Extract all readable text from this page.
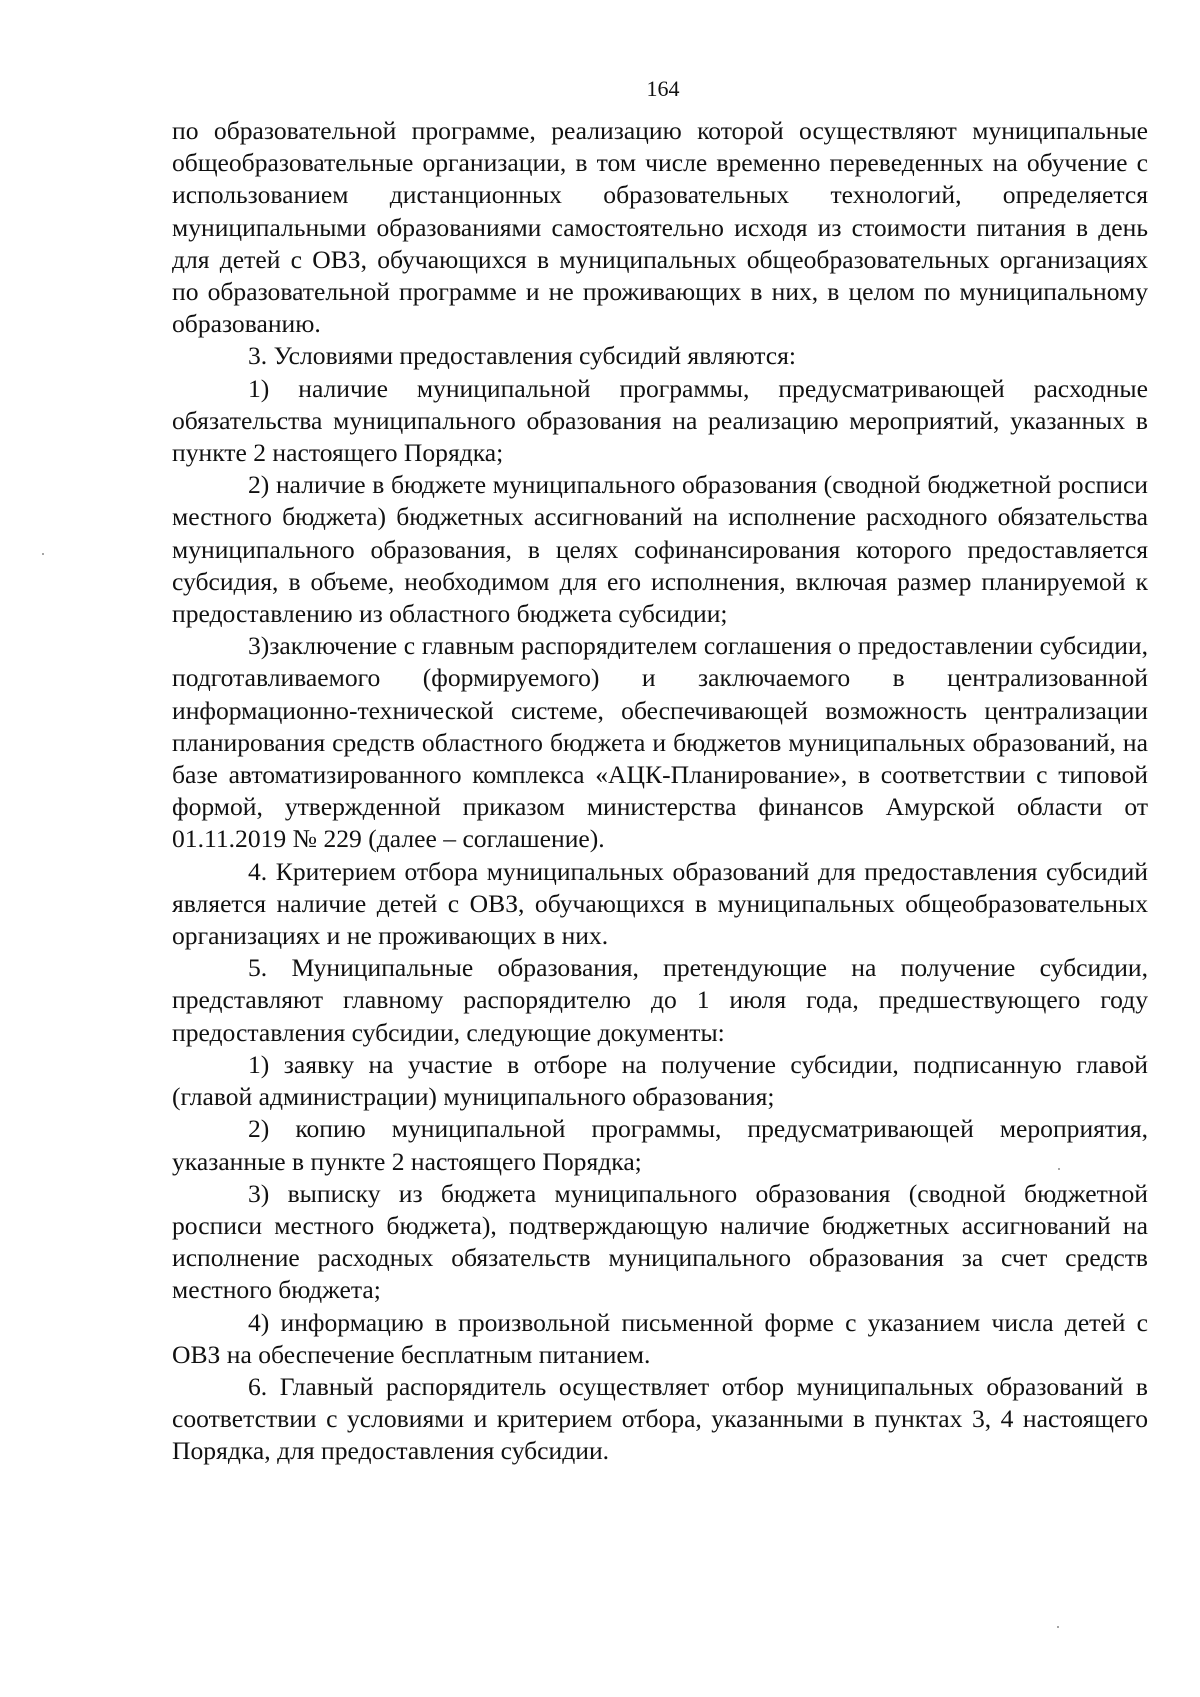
164

по образовательной программе, реализацию которой осуществляют муниципальные общеобразовательные организации, в том числе временно переведенных на обучение с использованием дистанционных образовательных технологий, определяется муниципальными образованиями самостоятельно исходя из стоимости питания в день для детей с ОВЗ, обучающихся в муниципальных общеобразовательных организациях по образовательной программе и не проживающих в них, в целом по муниципальному образованию.

3. Условиями предоставления субсидий являются:

1) наличие муниципальной программы, предусматривающей расходные обязательства муниципального образования на реализацию мероприятий, указанных в пункте 2 настоящего Порядка;

2) наличие в бюджете муниципального образования (сводной бюджетной росписи местного бюджета) бюджетных ассигнований на исполнение расходного обязательства муниципального образования, в целях софинансирования которого предоставляется субсидия, в объеме, необходимом для его исполнения, включая размер планируемой к предоставлению из областного бюджета субсидии;

3)заключение с главным распорядителем соглашения о предоставлении субсидии, подготавливаемого (формируемого) и заключаемого в централизованной информационно-технической системе, обеспечивающей возможность централизации планирования средств областного бюджета и бюджетов муниципальных образований, на базе автоматизированного комплекса «АЦК-Планирование», в соответствии с типовой формой, утвержденной приказом министерства финансов Амурской области от 01.11.2019 № 229 (далее – соглашение).

4. Критерием отбора муниципальных образований для предоставления субсидий является наличие детей с ОВЗ, обучающихся в муниципальных общеобразовательных организациях и не проживающих в них.

5. Муниципальные образования, претендующие на получение субсидии, представляют главному распорядителю до 1 июля года, предшествующего году предоставления субсидии, следующие документы:

1) заявку на участие в отборе на получение субсидии, подписанную главой (главой администрации) муниципального образования;

2) копию муниципальной программы, предусматривающей мероприятия, указанные в пункте 2 настоящего Порядка;

3) выписку из бюджета муниципального образования (сводной бюджетной росписи местного бюджета), подтверждающую наличие бюджетных ассигнований на исполнение расходных обязательств муниципального образования за счет средств местного бюджета;

4) информацию в произвольной письменной форме с указанием числа детей с ОВЗ на обеспечение бесплатным питанием.

6. Главный распорядитель осуществляет отбор муниципальных образований в соответствии с условиями и критерием отбора, указанными в пунктах 3, 4 настоящего Порядка, для предоставления субсидии.
